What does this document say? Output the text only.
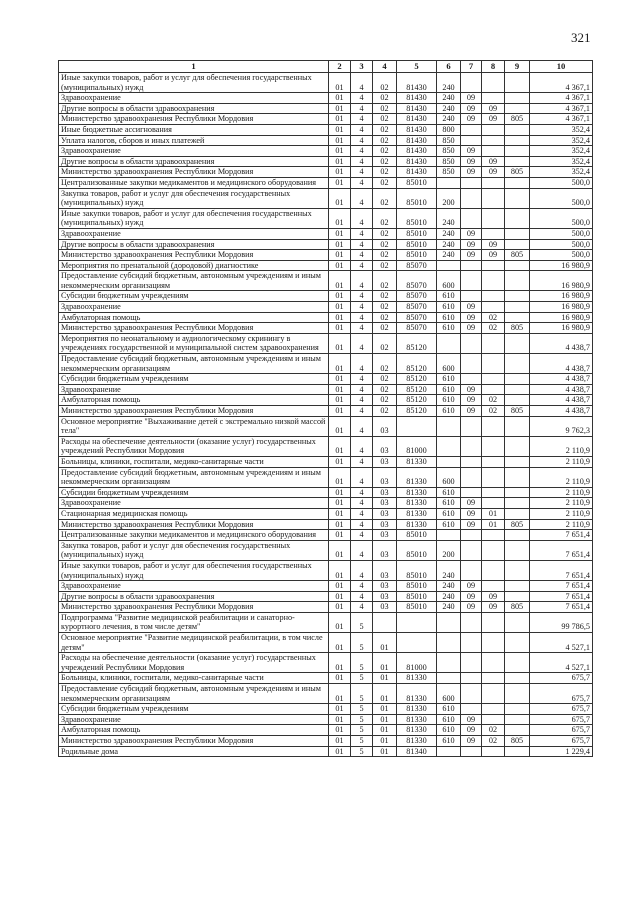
321
1	2	3	4	5	6	7	8	9	10
Иные закупки товаров, работ и услуг для обеспечения государственных (муниципальных) нужд	01	4	02	81430	240				4 367,1
Здравоохранение	01	4	02	81430	240	09			4 367,1
Другие вопросы в области здравоохранения	01	4	02	81430	240	09	09		4 367,1
Министерство здравоохранения Республики Мордовия	01	4	02	81430	240	09	09	805	4 367,1
Иные бюджетные ассигнования	01	4	02	81430	800				352,4
Уплата налогов, сборов и иных платежей	01	4	02	81430	850				352,4
Здравоохранение	01	4	02	81430	850	09			352,4
Другие вопросы в области здравоохранения	01	4	02	81430	850	09	09		352,4
Министерство здравоохранения Республики Мордовия	01	4	02	81430	850	09	09	805	352,4
Централизованные закупки медикаментов и медицинского оборудования	01	4	02	85010					500,0
Закупка товаров, работ и услуг для обеспечения государственных (муниципальных) нужд	01	4	02	85010	200				500,0
Иные закупки товаров, работ и услуг для обеспечения государственных (муниципальных) нужд	01	4	02	85010	240				500,0
Здравоохранение	01	4	02	85010	240	09			500,0
Другие вопросы в области здравоохранения	01	4	02	85010	240	09	09		500,0
Министерство здравоохранения Республики Мордовия	01	4	02	85010	240	09	09	805	500,0
Мероприятия по пренатальной (дородовой) диагностике	01	4	02	85070					16 980,9
Предоставление субсидий бюджетным, автономным учреждениям и иным некоммерческим организациям	01	4	02	85070	600				16 980,9
Субсидии бюджетным учреждениям	01	4	02	85070	610				16 980,9
Здравоохранение	01	4	02	85070	610	09			16 980,9
Амбулаторная помощь	01	4	02	85070	610	09	02		16 980,9
Министерство здравоохранения Республики Мордовия	01	4	02	85070	610	09	02	805	16 980,9
Мероприятия по неонатальному и аудиологическому скринингу в учреждениях государственной и муниципальной систем здравоохранения	01	4	02	85120					4 438,7
Предоставление субсидий бюджетным, автономным учреждениям и иным некоммерческим организациям	01	4	02	85120	600				4 438,7
Субсидии бюджетным учреждениям	01	4	02	85120	610				4 438,7
Здравоохранение	01	4	02	85120	610	09			4 438,7
Амбулаторная помощь	01	4	02	85120	610	09	02		4 438,7
Министерство здравоохранения Республики Мордовия	01	4	02	85120	610	09	02	805	4 438,7
Основное мероприятие "Выхаживание детей с экстремально низкой массой тела"	01	4	03						9 762,3
Расходы на обеспечение деятельности (оказание услуг) государственных учреждений Республики Мордовия	01	4	03	81000					2 110,9
Больницы, клиники, госпитали, медико-санитарные части	01	4	03	81330					2 110,9
Предоставление субсидий бюджетным, автономным учреждениям и иным некоммерческим организациям	01	4	03	81330	600				2 110,9
Субсидии бюджетным учреждениям	01	4	03	81330	610				2 110,9
Здравоохранение	01	4	03	81330	610	09			2 110,9
Стационарная медицинская помощь	01	4	03	81330	610	09	01		2 110,9
Министерство здравоохранения Республики Мордовия	01	4	03	81330	610	09	01	805	2 110,9
Централизованные закупки медикаментов и медицинского оборудования	01	4	03	85010					7 651,4
Закупка товаров, работ и услуг для обеспечения государственных (муниципальных) нужд	01	4	03	85010	200				7 651,4
Иные закупки товаров, работ и услуг для обеспечения государственных (муниципальных) нужд	01	4	03	85010	240				7 651,4
Здравоохранение	01	4	03	85010	240	09			7 651,4
Другие вопросы в области здравоохранения	01	4	03	85010	240	09	09		7 651,4
Министерство здравоохранения Республики Мордовия	01	4	03	85010	240	09	09	805	7 651,4
Подпрограмма "Развитие медицинской реабилитации и санаторно-курортного лечения, в том числе детям"	01	5							99 786,5
Основное мероприятие "Развитие медицинской реабилитации, в том числе детям"	01	5	01						4 527,1
Расходы на обеспечение деятельности (оказание услуг) государственных учреждений Республики Мордовия	01	5	01	81000					4 527,1
Больницы, клиники, госпитали, медико-санитарные части	01	5	01	81330					675,7
Предоставление субсидий бюджетным, автономным учреждениям и иным некоммерческим организациям	01	5	01	81330	600				675,7
Субсидии бюджетным учреждениям	01	5	01	81330	610				675,7
Здравоохранение	01	5	01	81330	610	09			675,7
Амбулаторная помощь	01	5	01	81330	610	09	02		675,7
Министерство здравоохранения Республики Мордовия	01	5	01	81330	610	09	02	805	675,7
Родильные дома	01	5	01	81340					1 229,4
